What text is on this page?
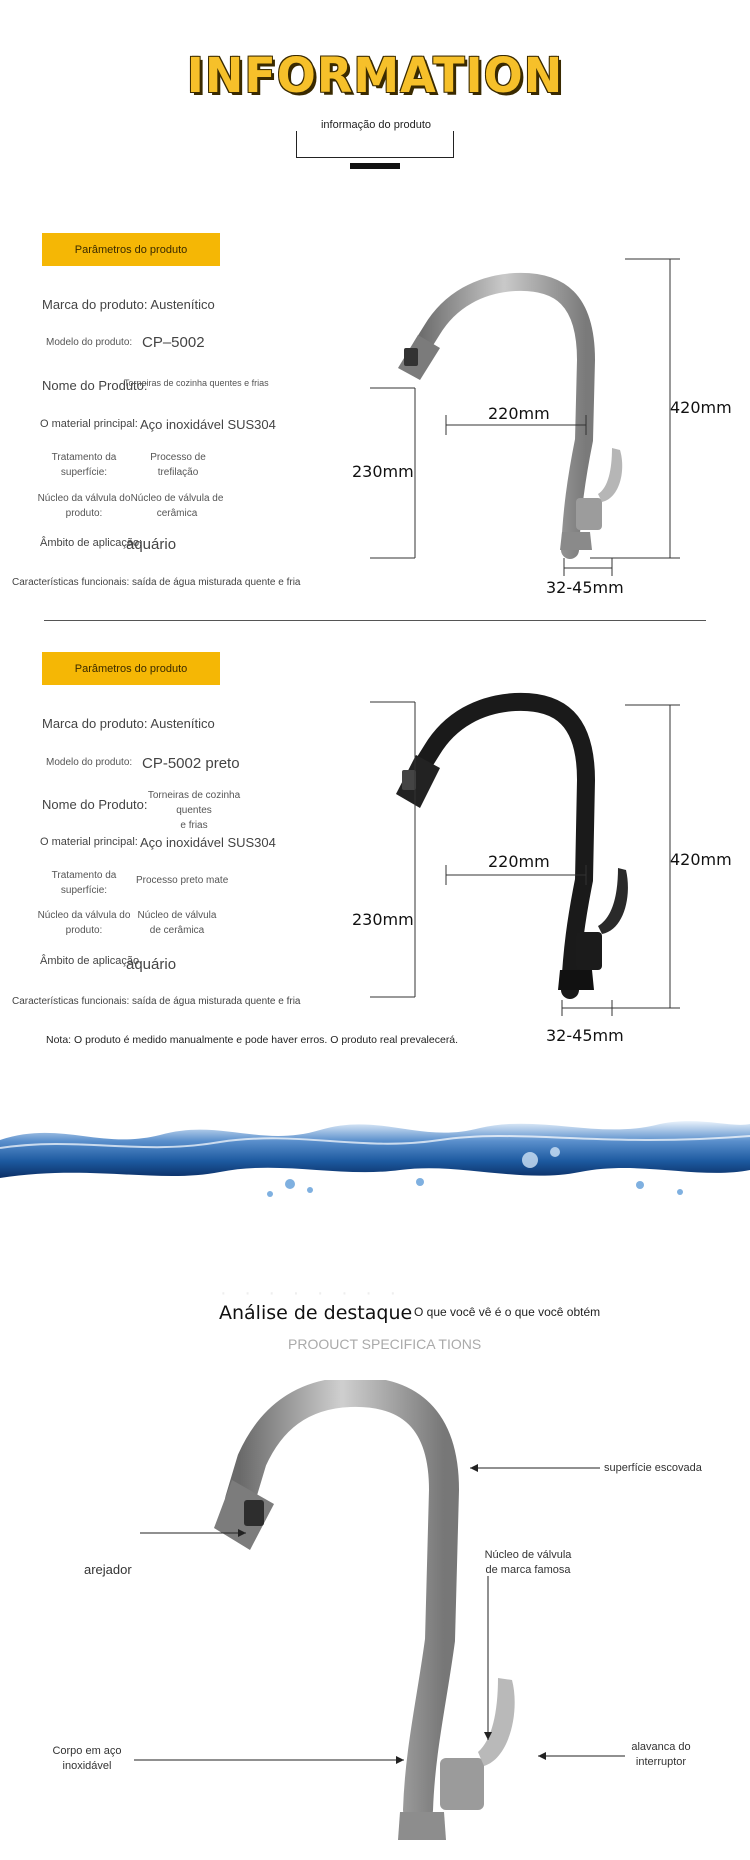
INFORMATION
informação do produto
Parâmetros do produto
Marca do produto: Austenítico
Modelo do produto: CP–5002
Nome do Produto:
Torneiras de cozinha quentes e frias
O material principal: Aço inoxidável SUS304
Tratamento da
superfície:
Processo de
trefilação
Núcleo da válvula do
produto:
Núcleo de válvula de
cerâmica
Âmbito de aplicação:
aquário
Características funcionais: saída de água misturada quente e fria
220mm	420mm
230mm
32-45mm
Parâmetros do produto
Marca do produto: Austenítico
Modelo do produto: CP-5002 preto
Nome do Produto:
Torneiras de cozinha quentes
e frias
O material principal: Aço inoxidável SUS304
Tratamento da
superfície:
Processo preto mate
Núcleo da válvula do
produto:
Núcleo de válvula
de cerâmica
Âmbito de aplicação
aquário
Características funcionais: saída de água misturada quente e fria
Nota: O produto é medido manualmente e pode haver erros. O produto real prevalecerá.
220mm	420mm
230mm
32-45mm
· · · · · · · ·
Análise de destaque O que você vê é o que você obtém
PROOUCT SPECIFICA TIONS
superfície escovada
Núcleo de válvula
de marca famosa
arejador
Corpo em aço
inoxidável
alavanca do
interruptor
